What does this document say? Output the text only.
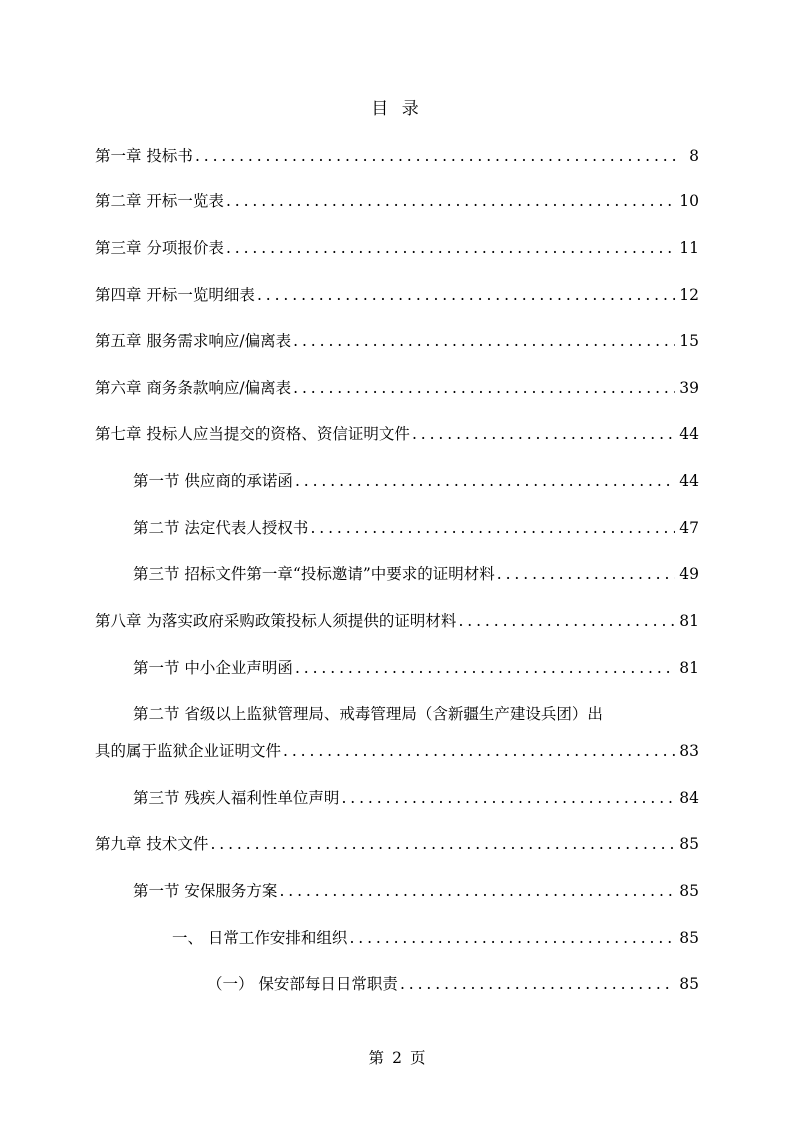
目 录
第一章 投标书 .....	8
第二章 开标一览表 .....	10
第三章 分项报价表 .....	11
第四章 开标一览明细表 .....	12
第五章 服务需求响应/偏离表 .....	15
第六章 商务条款响应/偏离表 .....	39
第七章 投标人应当提交的资格、资信证明文件 .....	44
第一节 供应商的承诺函 .....	44
第二节 法定代表人授权书 .....	47
第三节 招标文件第一章“投标邀请”中要求的证明材料 .....	49
第八章 为落实政府采购政策投标人须提供的证明材料 .....	81
第一节 中小企业声明函 .....	81
第二节 省级以上监狱管理局、戒毒管理局（含新疆生产建设兵团）出
具的属于监狱企业证明文件 .....	83
第三节 残疾人福利性单位声明 .....	84
第九章 技术文件 .....	85
第一节 安保服务方案 .....	85
一、 日常工作安排和组织 .....	85
（一） 保安部每日日常职责 .....	85
第 2 页
